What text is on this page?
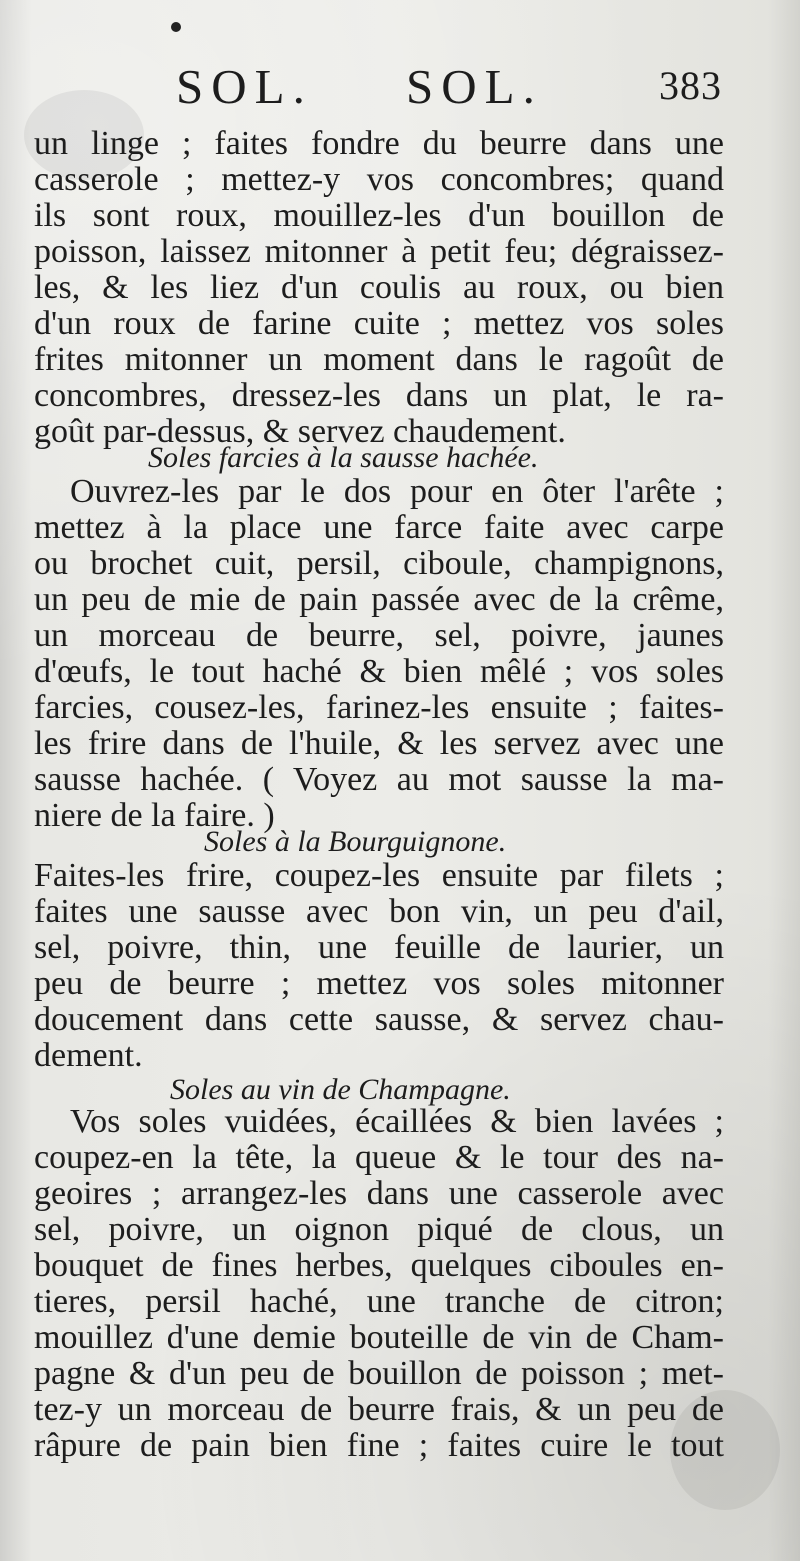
SOL. SOL.	383
un linge ; faites fondre du beurre dans une
casserole ; mettez-y vos concombres; quand
ils sont roux, mouillez-les d'un bouillon de
poisson, laissez mitonner à petit feu; dégraissez-
les, & les liez d'un coulis au roux, ou bien
d'un roux de farine cuite ; mettez vos soles
frites mitonner un moment dans le ragoût de
concombres, dressez-les dans un plat, le ra-
goût par-dessus, & servez chaudement.
Soles farcies à la sausse hachée.
Ouvrez-les par le dos pour en ôter l'arête ;
mettez à la place une farce faite avec carpe
ou brochet cuit, persil, ciboule, champignons,
un peu de mie de pain passée avec de la crême,
un morceau de beurre, sel, poivre, jaunes
d'œufs, le tout haché & bien mêlé ; vos soles
farcies, cousez-les, farinez-les ensuite ; faites-
les frire dans de l'huile, & les servez avec une
sausse hachée. ( Voyez au mot sausse la ma-
niere de la faire. )
Soles à la Bourguignone.
Faites-les frire, coupez-les ensuite par filets ;
faites une sausse avec bon vin, un peu d'ail,
sel, poivre, thin, une feuille de laurier, un
peu de beurre ; mettez vos soles mitonner
doucement dans cette sausse, & servez chau-
dement.
Soles au vin de Champagne.
Vos soles vuidées, écaillées & bien lavées ;
coupez-en la tête, la queue & le tour des na-
geoires ; arrangez-les dans une casserole avec
sel, poivre, un oignon piqué de clous, un
bouquet de fines herbes, quelques ciboules en-
tieres, persil haché, une tranche de citron;
mouillez d'une demie bouteille de vin de Cham-
pagne & d'un peu de bouillon de poisson ; met-
tez-y un morceau de beurre frais, & un peu de
râpure de pain bien fine ; faites cuire le tout
